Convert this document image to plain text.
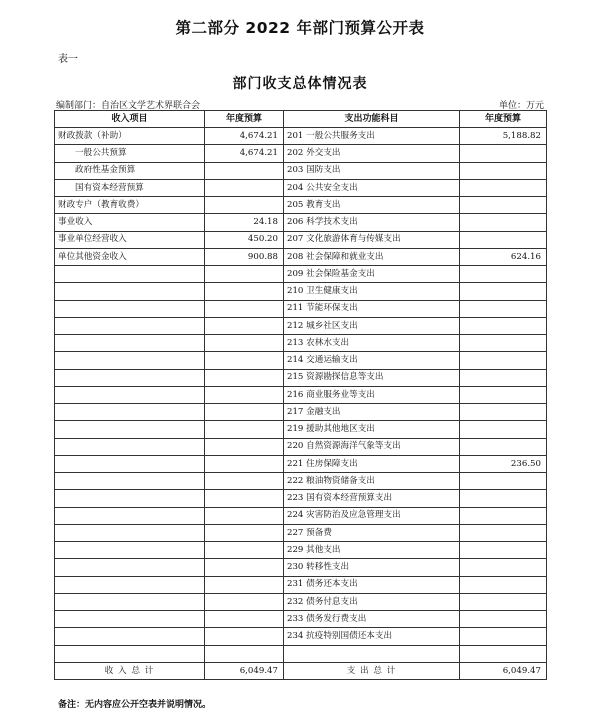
第二部分 2022 年部门预算公开表
表一
部门收支总体情况表
编制部门：自治区文学艺术界联合会	单位：万元
收入项目	年度预算	支出功能科目	年度预算
财政拨款（补助）	4,674.21	201 一般公共服务支出	5,188.82
一般公共预算	4,674.21	202 外交支出	
政府性基金预算		203 国防支出	
国有资本经营预算		204 公共安全支出	
财政专户（教育收费）		205 教育支出	
事业收入	24.18	206 科学技术支出	
事业单位经营收入	450.20	207 文化旅游体育与传媒支出	
单位其他资金收入	900.88	208 社会保障和就业支出	624.16
		209 社会保险基金支出	
		210 卫生健康支出	
		211 节能环保支出	
		212 城乡社区支出	
		213 农林水支出	
		214 交通运输支出	
		215 资源勘探信息等支出	
		216 商业服务业等支出	
		217 金融支出	
		219 援助其他地区支出	
		220 自然资源海洋气象等支出	
		221 住房保障支出	236.50
		222 粮油物资储备支出	
		223 国有资本经营预算支出	
		224 灾害防治及应急管理支出	
		227 预备费	
		229 其他支出	
		230 转移性支出	
		231 债务还本支出	
		232 债务付息支出	
		233 债务发行费支出	
		234 抗疫特别国债还本支出	

收 入 总 计	6,049.47	支 出 总 计	6,049.47
备注：无内容应公开空表并说明情况。
